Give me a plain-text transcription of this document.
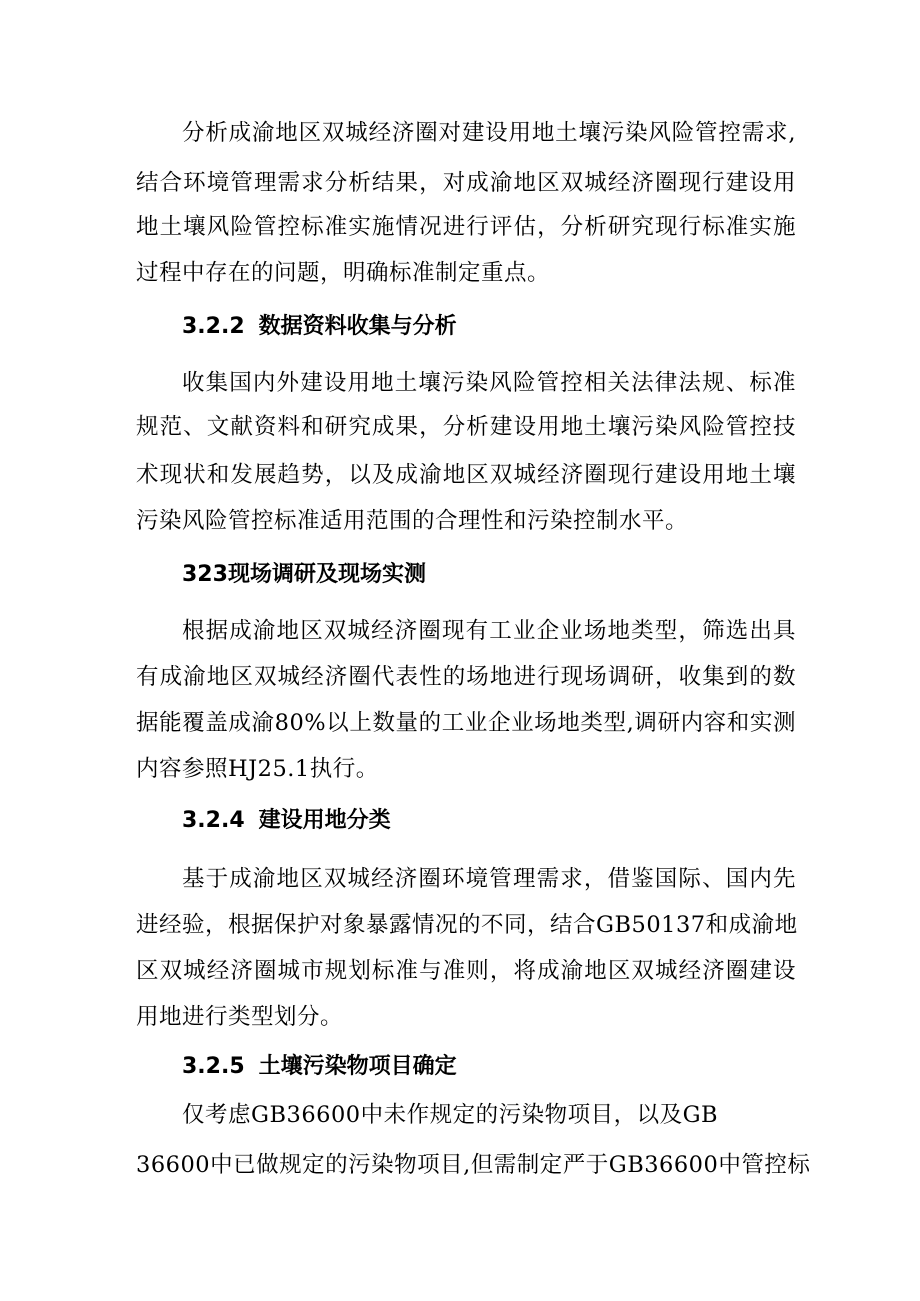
分析成渝地区双城经济圈对建设用地土壤污染风险管控需求,
结合环境管理需求分析结果，对成渝地区双城经济圈现行建设用
地土壤风险管控标准实施情况进行评估，分析研究现行标准实施
过程中存在的问题，明确标准制定重点。
3.2.2 数据资料收集与分析
收集国内外建设用地土壤污染风险管控相关法律法规、标准
规范、文献资料和研究成果，分析建设用地土壤污染风险管控技
术现状和发展趋势，以及成渝地区双城经济圈现行建设用地土壤
污染风险管控标准适用范围的合理性和污染控制水平。
323现场调研及现场实测
根据成渝地区双城经济圈现有工业企业场地类型，筛选出具
有成渝地区双城经济圈代表性的场地进行现场调研，收集到的数
据能覆盖成渝80%以上数量的工业企业场地类型,调研内容和实测
内容参照HJ25.1执行。
3.2.4 建设用地分类
基于成渝地区双城经济圈环境管理需求，借鉴国际、国内先
进经验，根据保护对象暴露情况的不同，结合GB50137和成渝地
区双城经济圈城市规划标准与准则，将成渝地区双城经济圈建设
用地进行类型划分。
3.2.5 土壤污染物项目确定
仅考虑GB36600中未作规定的污染物项目，以及GB
36600中已做规定的污染物项目,但需制定严于GB36600中管控标
